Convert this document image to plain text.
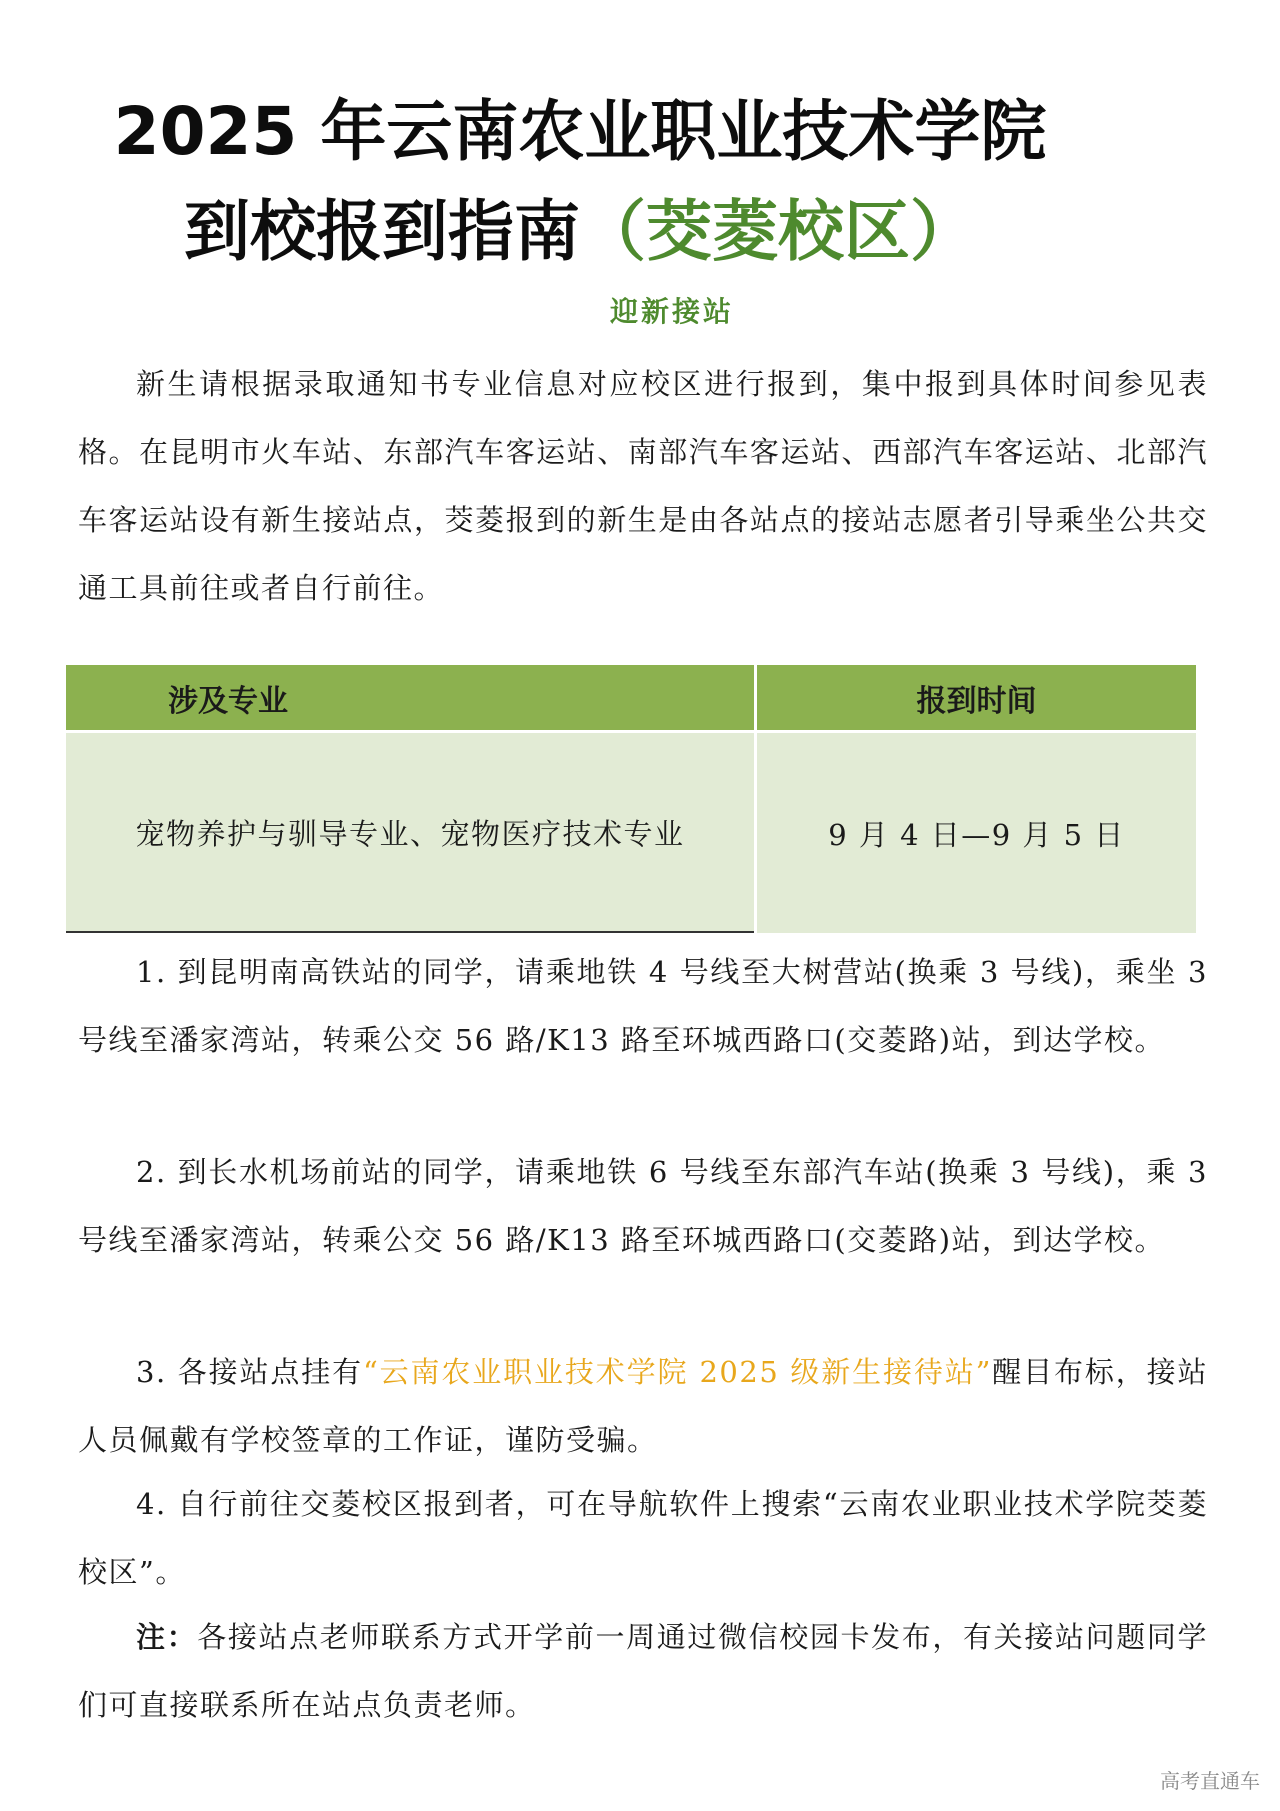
2025 年云南农业职业技术学院
到校报到指南（茭菱校区）
迎新接站

新生请根据录取通知书专业信息对应校区进行报到，集中报到具体时间参见表格。在昆明市火车站、东部汽车客运站、南部汽车客运站、西部汽车客运站、北部汽车客运站设有新生接站点，茭菱报到的新生是由各站点的接站志愿者引导乘坐公共交通工具前往或者自行前往。

涉及专业	报到时间
宠物养护与驯导专业、宠物医疗技术专业	9 月 4 日—9 月 5 日

1. 到昆明南高铁站的同学，请乘地铁 4 号线至大树营站(换乘 3 号线)，乘坐 3 号线至潘家湾站，转乘公交 56 路/K13 路至环城西路口(交菱路)站，到达学校。

2. 到长水机场前站的同学，请乘地铁 6 号线至东部汽车站(换乘 3 号线)，乘 3 号线至潘家湾站，转乘公交 56 路/K13 路至环城西路口(交菱路)站，到达学校。

3. 各接站点挂有“云南农业职业技术学院 2025 级新生接待站”醒目布标，接站人员佩戴有学校签章的工作证，谨防受骗。

4. 自行前往交菱校区报到者，可在导航软件上搜索“云南农业职业技术学院茭菱校区”。

注：各接站点老师联系方式开学前一周通过微信校园卡发布，有关接站问题同学们可直接联系所在站点负责老师。

高考直通车
